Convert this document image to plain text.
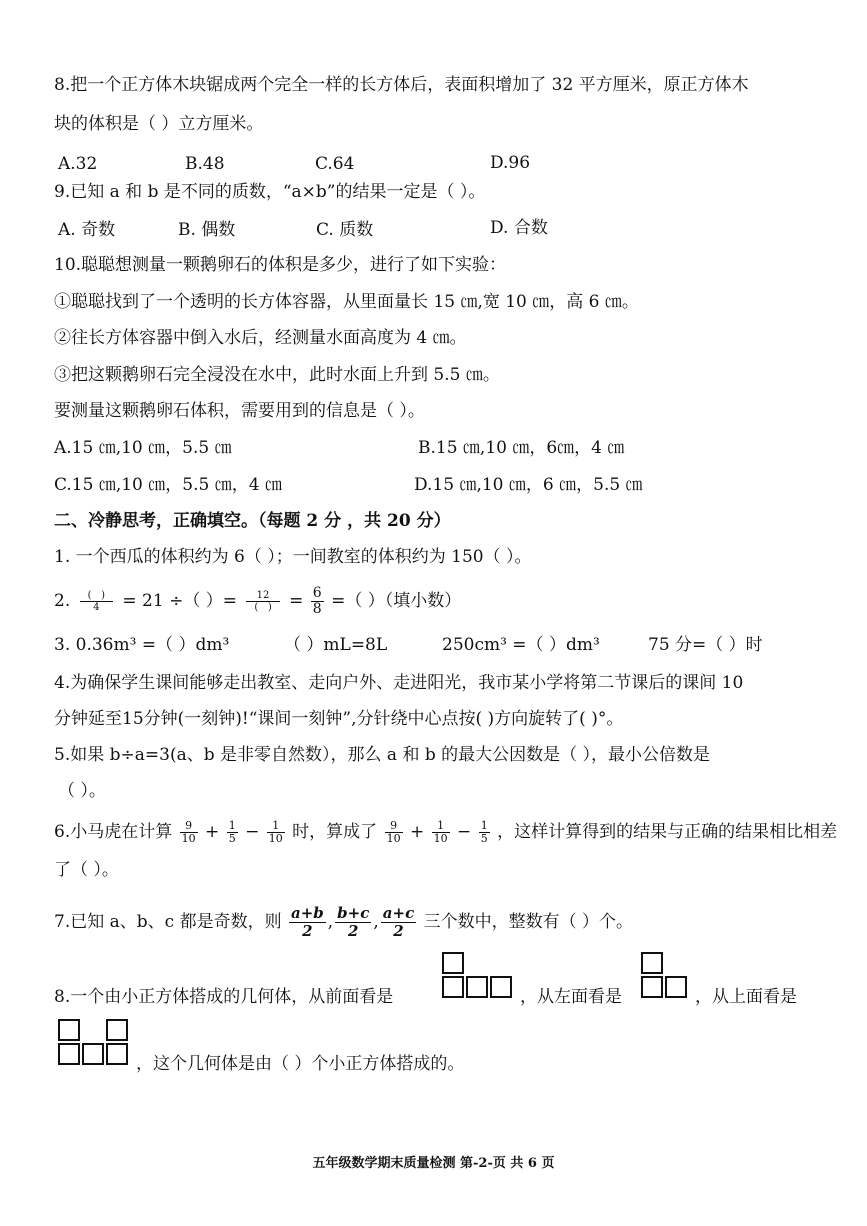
8.把一个正方体木块锯成两个完全一样的长方体后，表面积增加了 32 平方厘米，原正方体木
块的体积是（ ）立方厘米。
A.32	B.48	C.64	D.96
9.已知 a 和 b 是不同的质数，“a×b”的结果一定是（ ）。
A. 奇数	B. 偶数	C. 质数	D. 合数
10.聪聪想测量一颗鹅卵石的体积是多少，进行了如下实验：
①聪聪找到了一个透明的长方体容器，从里面量长 15 ㎝,宽 10 ㎝，高 6 ㎝。
②往长方体容器中倒入水后，经测量水面高度为 4 ㎝。
③把这颗鹅卵石完全浸没在水中，此时水面上升到 5.5 ㎝。
要测量这颗鹅卵石体积，需要用到的信息是（ ）。
A.15 ㎝,10 ㎝，5.5 ㎝	B.15 ㎝,10 ㎝，6㎝，4 ㎝
C.15 ㎝,10 ㎝，5.5 ㎝，4 ㎝	D.15 ㎝,10 ㎝，6 ㎝，5.5 ㎝
二、冷静思考，正确填空。（每题 2 分 ，共 20 分）
1. 一个西瓜的体积约为 6（ ）；一间教室的体积约为 150（ ）。
2.	(   )
4	= 21 ÷（ ）=	12
(   )	= $\frac{6}{8}$ =（ ）（填小数）
3. 0.36m³ =（ ）dm³	（ ）mL=8L	250cm³ =（ ）dm³	75 分=（ ）时
4.为确保学生课间能够走出教室、走向户外、走进阳光，我市某小学将第二节课后的课间 10
分钟延至15分钟(一刻钟)!“课间一刻钟”,分针绕中心点按( )方向旋转了( )°。
5.如果 b÷a=3(a、b 是非零自然数），那么 a 和 b 的最大公因数是（ ），最小公倍数是
（ ）。
6.小马虎在计算 $\frac{9}{10} + \frac{1}{5} - \frac{1}{10}$ 时，算成了 $\frac{9}{10} + \frac{1}{10} - \frac{1}{5}$ ，这样计算得到的结果与正确的结果相比相差
了（ ）。
7.已知 a、b、c 都是奇数，则 $\frac{a+b}{2}$ , $\frac{b+c}{2}$ , $\frac{a+c}{2}$ 三个数中，整数有（ ）个。
8.一个由小正方体搭成的几何体，从前面看是	，从左面看是	，从上面看是
，这个几何体是由（ ）个小正方体搭成的。
五年级数学期末质量检测 第-2-页 共 6 页
